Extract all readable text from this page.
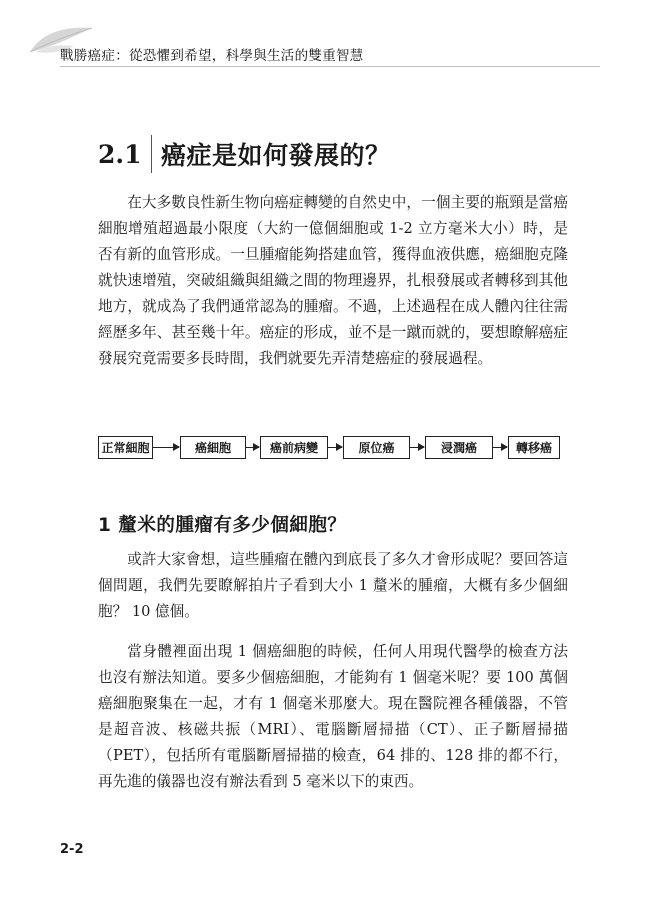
戰勝癌症：從恐懼到希望，科學與生活的雙重智慧
2.1 癌症是如何發展的？

在大多數良性新生物向癌症轉變的自然史中，一個主要的瓶頸是當癌細胞增殖超過最小限度（大約一億個細胞或 1-2 立方毫米大小）時，是否有新的血管形成。一旦腫瘤能夠搭建血管，獲得血液供應，癌細胞克隆就快速增殖，突破組織與組織之間的物理邊界，扎根發展或者轉移到其他地方，就成為了我們通常認為的腫瘤。不過，上述過程在成人體內往往需經歷多年、甚至幾十年。癌症的形成，並不是一蹴而就的，要想瞭解癌症發展究竟需要多長時間，我們就要先弄清楚癌症的發展過程。

正常細胞	癌細胞	癌前病變	原位癌	浸潤癌	轉移癌
1 釐米的腫瘤有多少個細胞？

或許大家會想，這些腫瘤在體內到底長了多久才會形成呢？要回答這個問題，我們先要瞭解拍片子看到大小 1 釐米的腫瘤，大概有多少個細胞？ 10 億個。

當身體裡面出現 1 個癌細胞的時候，任何人用現代醫學的檢查方法也沒有辦法知道。要多少個癌細胞，才能夠有 1 個毫米呢？要 100 萬個癌細胞聚集在一起，才有 1 個毫米那麼大。現在醫院裡各種儀器，不管是超音波、核磁共振（MRI）、電腦斷層掃描（CT）、正子斷層掃描（PET），包括所有電腦斷層掃描的檢查，64 排的、128 排的都不行，再先進的儀器也沒有辦法看到 5 毫米以下的東西。

2-2
